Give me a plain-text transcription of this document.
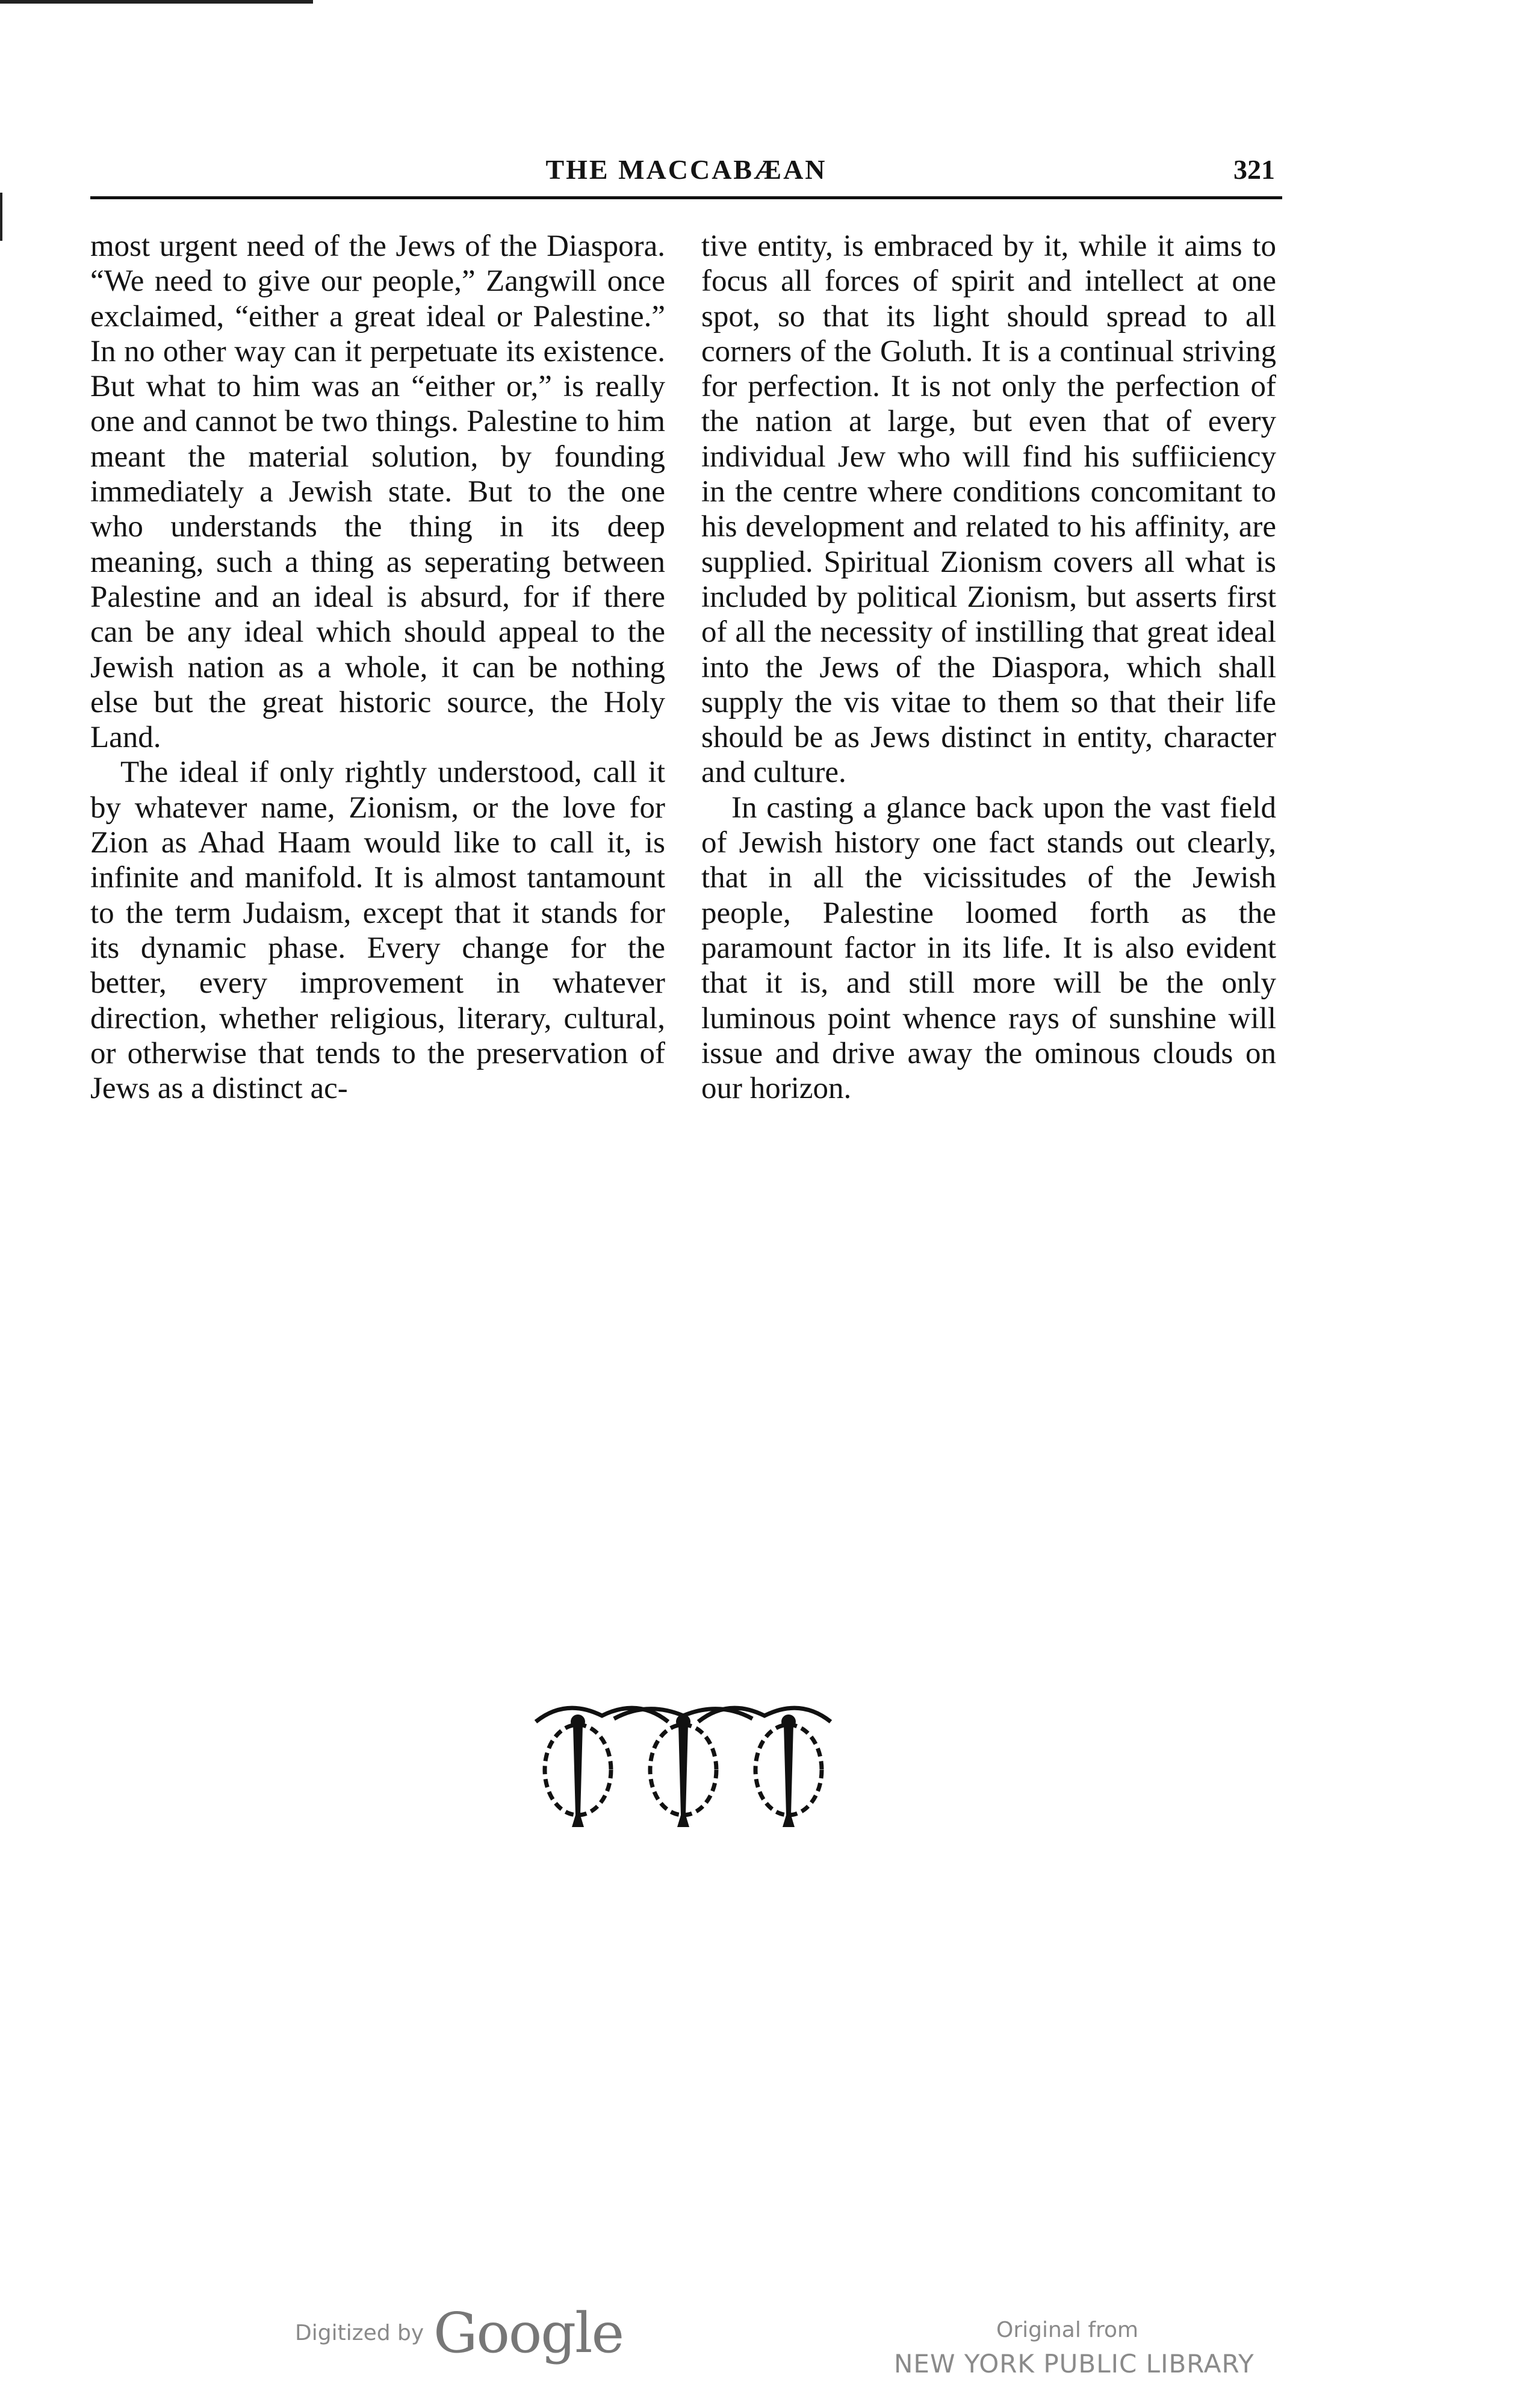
THE MACCABÆAN	321

most urgent need of the Jews of the Diaspora. “We need to give our people,” Zangwill once exclaimed, “either a great ideal or Palestine.” In no other way can it perpetuate its existence. But what to him was an “either or,” is really one and cannot be two things. Palestine to him meant the material solution, by founding immediately a Jewish state. But to the one who understands the thing in its deep meaning, such a thing as seperating between Palestine and an ideal is absurd, for if there can be any ideal which should appeal to the Jewish nation as a whole, it can be nothing else but the great historic source, the Holy Land.

The ideal if only rightly understood, call it by whatever name, Zionism, or the love for Zion as Ahad Haam would like to call it, is infinite and manifold. It is almost tantamount to the term Judaism, except that it stands for its dynamic phase. Every change for the better, every improvement in whatever direction, whether religious, literary, cultural, or otherwise that tends to the preservation of Jews as a distinct ac-

tive entity, is embraced by it, while it aims to focus all forces of spirit and intellect at one spot, so that its light should spread to all corners of the Goluth. It is a continual striving for perfection. It is not only the perfection of the nation at large, but even that of every individual Jew who will find his suffiiciency in the centre where conditions concomitant to his development and related to his affinity, are supplied. Spiritual Zionism covers all what is included by political Zionism, but asserts first of all the necessity of instilling that great ideal into the Jews of the Diaspora, which shall supply the vis vitae to them so that their life should be as Jews distinct in entity, character and culture.

In casting a glance back upon the vast field of Jewish history one fact stands out clearly, that in all the vicissitudes of the Jewish people, Palestine loomed forth as the paramount factor in its life. It is also evident that it is, and still more will be the only luminous point whence rays of sunshine will issue and drive away the ominous clouds on our horizon.

Digitized by Google	Original from
NEW YORK PUBLIC LIBRARY
